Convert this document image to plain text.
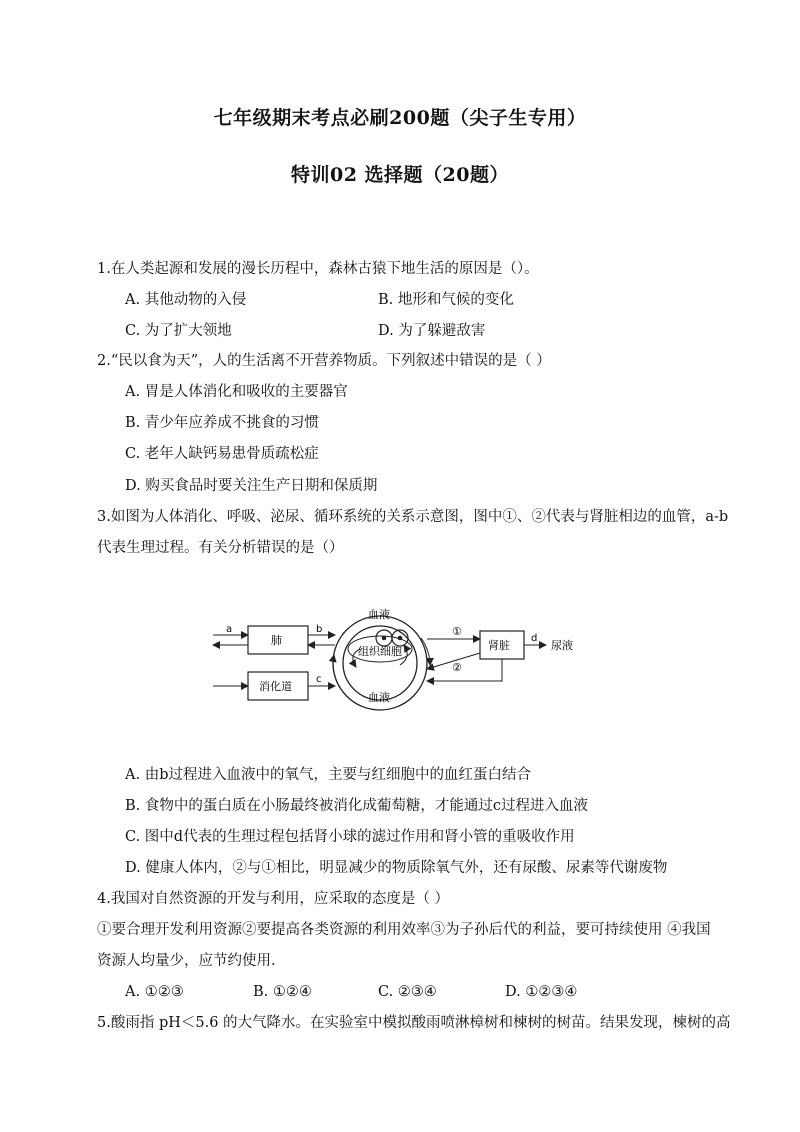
七年级期末考点必刷200题（尖子生专用）
特训02 选择题（20题）
1.在人类起源和发展的漫长历程中，森林古猿下地生活的原因是（）。
A. 其他动物的入侵	B. 地形和气候的变化
C. 为了扩大领地	D. 为了躲避敌害
2.“民以食为天”，人的生活离不开营养物质。下列叙述中错误的是（ ）
A. 胃是人体消化和吸收的主要器官
B. 青少年应养成不挑食的习惯
C. 老年人缺钙易患骨质疏松症
D. 购买食品时要关注生产日期和保质期
3.如图为人体消化、呼吸、泌尿、循环系统的关系示意图，图中①、②代表与肾脏相边的血管，a-b
代表生理过程。有关分析错误的是（）
血液
组织细胞
血液
肺
a	b
消化道
c
肾脏
①
②
d
尿液
A. 由b过程进入血液中的氧气，主要与红细胞中的血红蛋白结合
B. 食物中的蛋白质在小肠最终被消化成葡萄糖，才能通过c过程进入血液
C. 图中d代表的生理过程包括肾小球的滤过作用和肾小管的重吸收作用
D. 健康人体内，②与①相比，明显减少的物质除氧气外，还有尿酸、尿素等代谢废物
4.我国对自然资源的开发与利用，应采取的态度是（ ）
①要合理开发利用资源②要提高各类资源的利用效率③为子孙后代的利益，要可持续使用 ④我国
资源人均量少，应节约使用．
A. ①②③	B. ①②④	C. ②③④	D. ①②③④
5.酸雨指 pH＜5.6 的大气降水。在实验室中模拟酸雨喷淋樟树和楝树的树苗。结果发现，楝树的高
